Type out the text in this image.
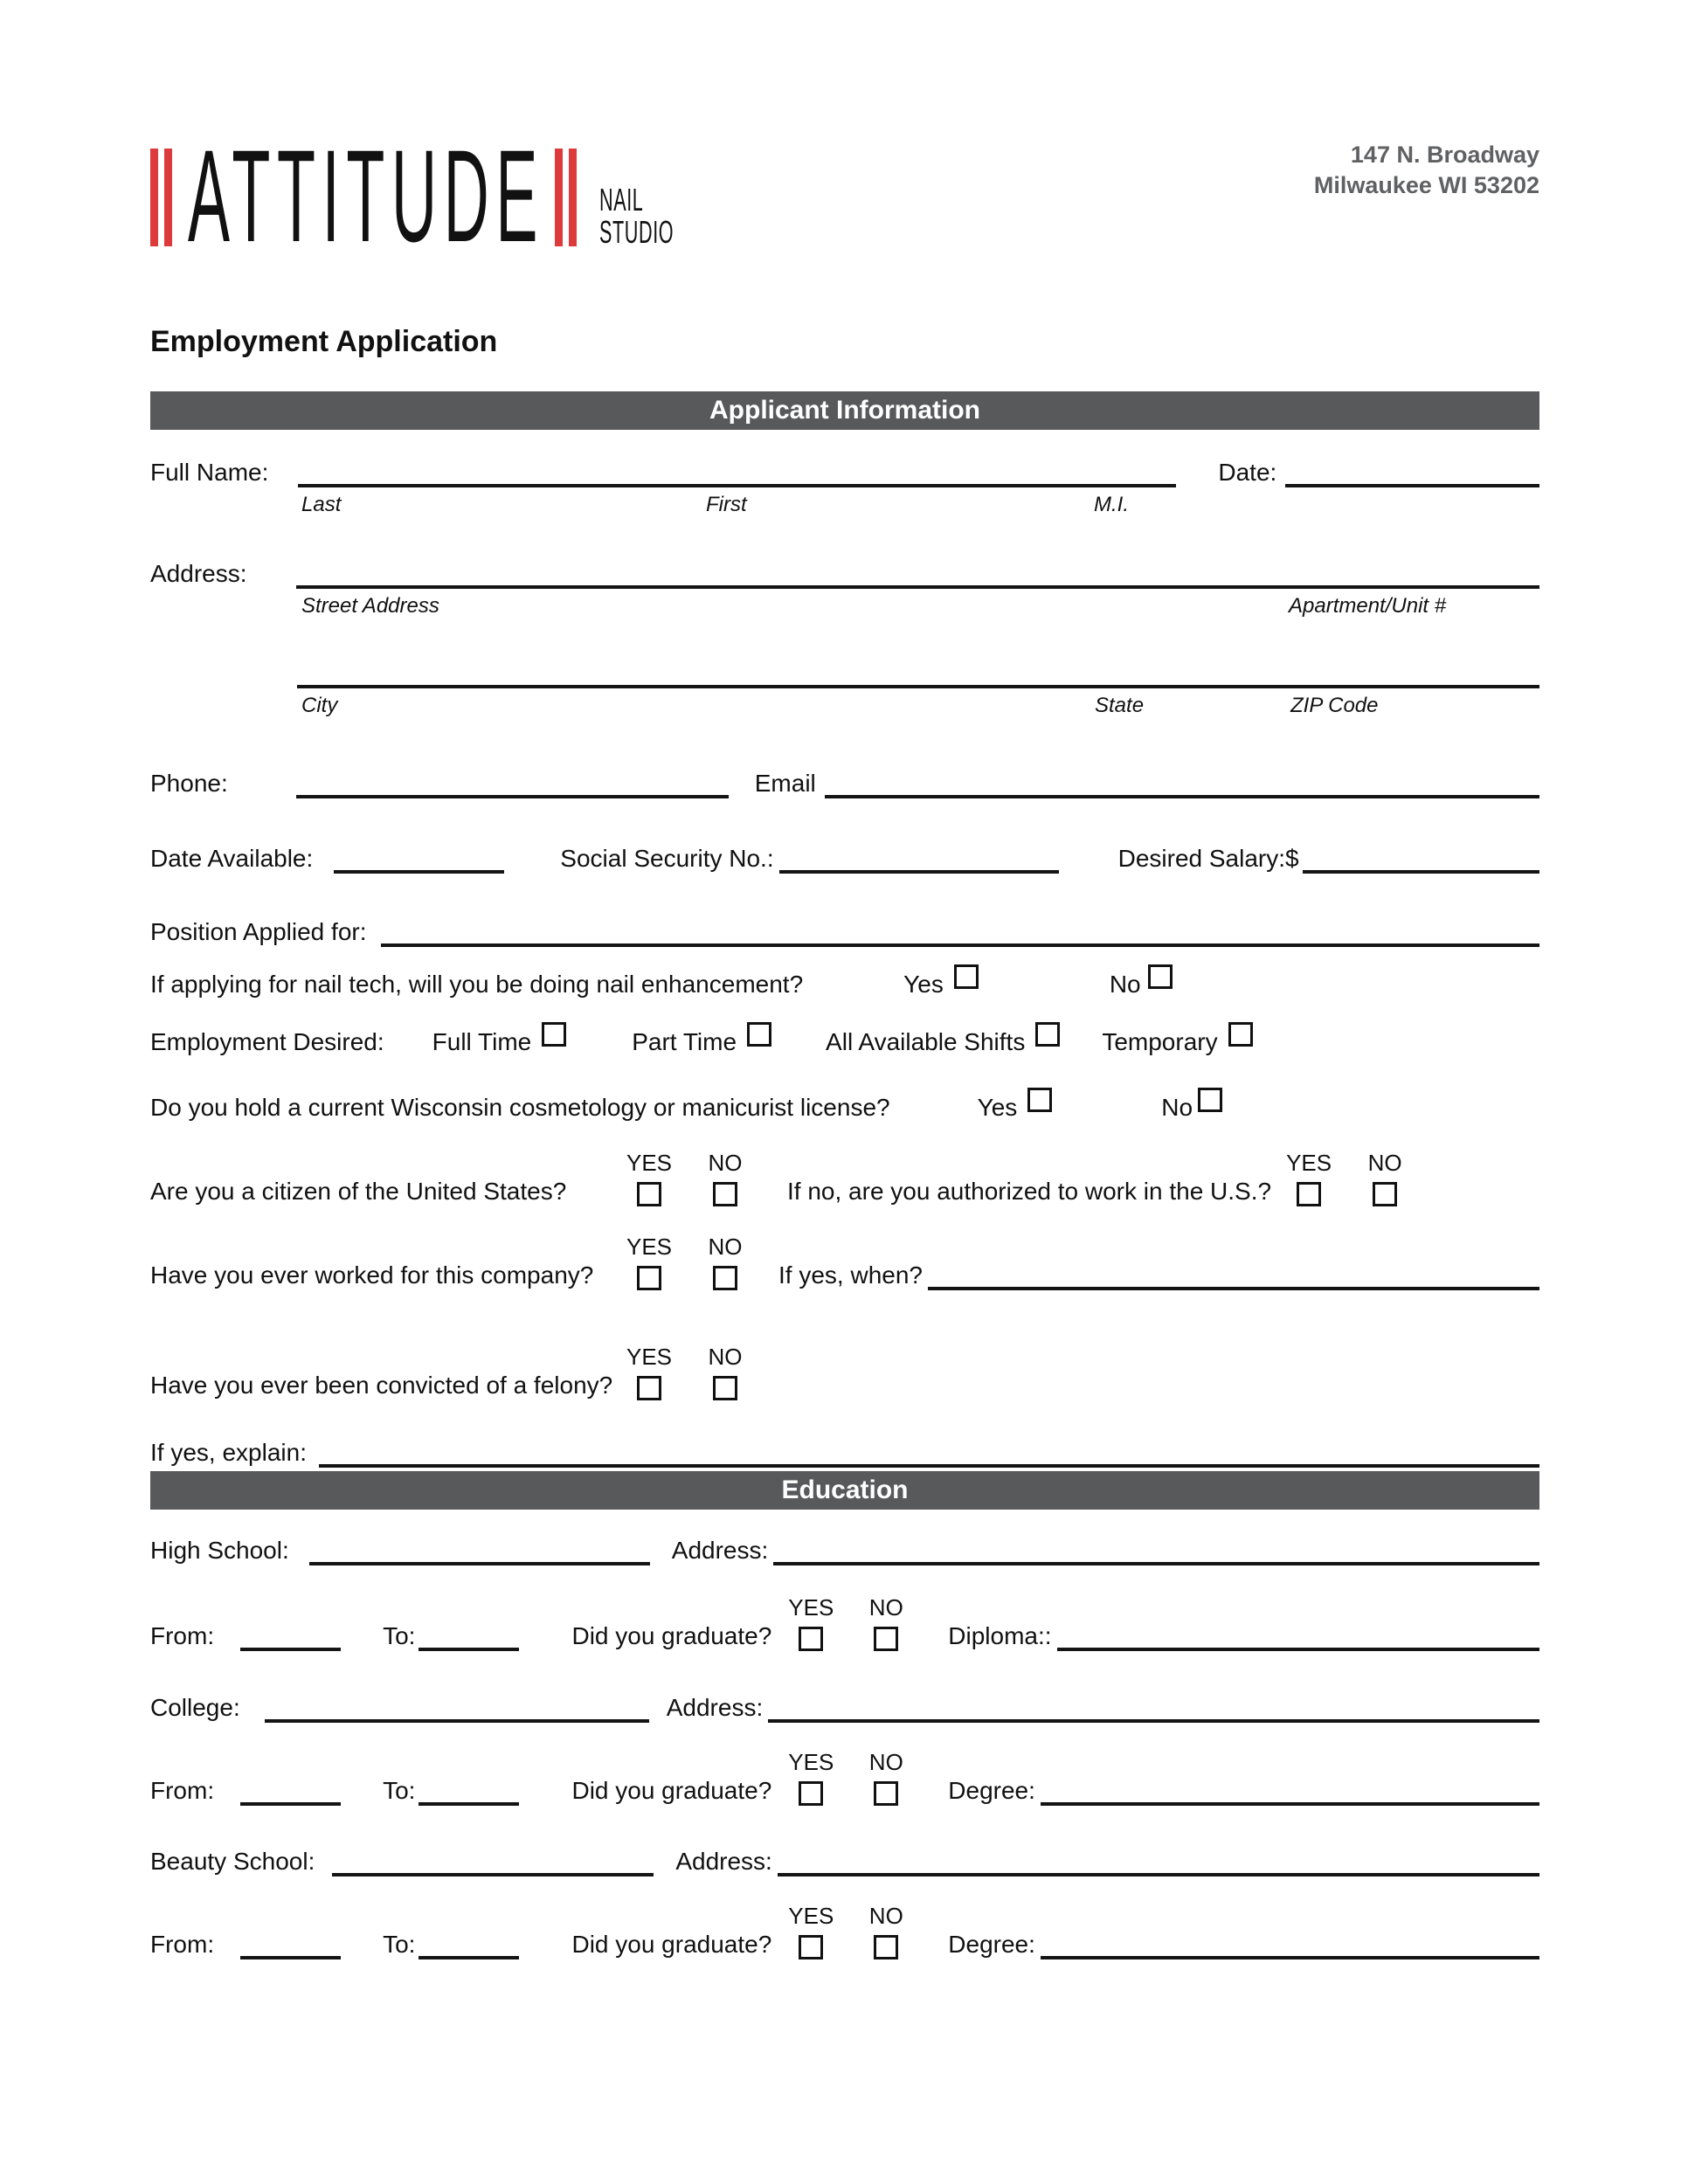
ATTITUDE NAIL
STUDIO
147 N. Broadway
Milwaukee WI 53202
Employment Application
Applicant Information
Full Name:	Date:
Last	First	M.I.
Address:
Street Address	Apartment/Unit #
City	State	ZIP Code
Phone:	Email
Date Available:	Social Security No.:	Desired Salary:$
Position Applied for:
If applying for nail tech, will you be doing nail enhancement?	Yes	No
Employment Desired: Full Time	Part Time	All Available Shifts	Temporary
Do you hold a current Wisconsin cosmetology or manicurist license?	Yes	No
Are you a citizen of the United States?
YES NO
If no, are you authorized to work in the U.S.?
YES NO
Have you ever worked for this company?
YES NO
If yes, when?
Have you ever been convicted of a felony?
YES NO
If yes, explain:
Education
High School:	Address:
From:	To:	Did you graduate?
YES NO
Diploma::
College:	Address:
From:	To:	Did you graduate?
YES NO
Degree:
Beauty School:	Address:
From:	To:	Did you graduate?
YES NO
Degree:
